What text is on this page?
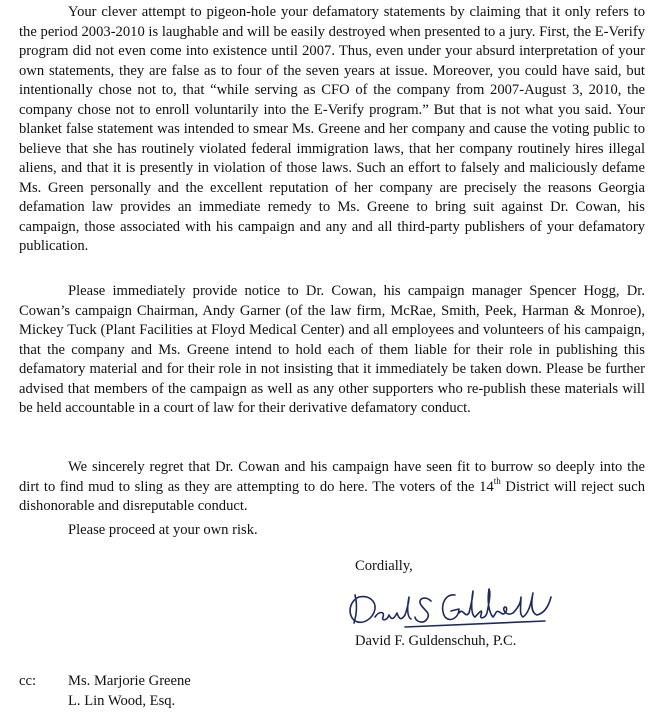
Your clever attempt to pigeon-hole your defamatory statements by claiming that it only refers to the period 2003-2010 is laughable and will be easily destroyed when presented to a jury. First, the E-Verify program did not even come into existence until 2007. Thus, even under your absurd interpretation of your own statements, they are false as to four of the seven years at issue. Moreover, you could have said, but intentionally chose not to, that “while serving as CFO of the company from 2007-August 3, 2010, the company chose not to enroll voluntarily into the E-Verify program.” But that is not what you said. Your blanket false statement was intended to smear Ms. Greene and her company and cause the voting public to believe that she has routinely violated federal immigration laws, that her company routinely hires illegal aliens, and that it is presently in violation of those laws. Such an effort to falsely and maliciously defame Ms. Green personally and the excellent reputation of her company are precisely the reasons Georgia defamation law provides an immediate remedy to Ms. Greene to bring suit against Dr. Cowan, his campaign, those associated with his campaign and any and all third-party publishers of your defamatory publication.

Please immediately provide notice to Dr. Cowan, his campaign manager Spencer Hogg, Dr. Cowan’s campaign Chairman, Andy Garner (of the law firm, McRae, Smith, Peek, Harman & Monroe), Mickey Tuck (Plant Facilities at Floyd Medical Center) and all employees and volunteers of his campaign, that the company and Ms. Greene intend to hold each of them liable for their role in publishing this defamatory material and for their role in not insisting that it immediately be taken down. Please be further advised that members of the campaign as well as any other supporters who re-publish these materials will be held accountable in a court of law for their derivative defamatory conduct.

We sincerely regret that Dr. Cowan and his campaign have seen fit to burrow so deeply into the dirt to find mud to sling as they are attempting to do here. The voters of the 14th District will reject such dishonorable and disreputable conduct.

Please proceed at your own risk.

Cordially,

David F. Guldenschuh, P.C.

cc: Ms. Marjorie Greene
L. Lin Wood, Esq.
